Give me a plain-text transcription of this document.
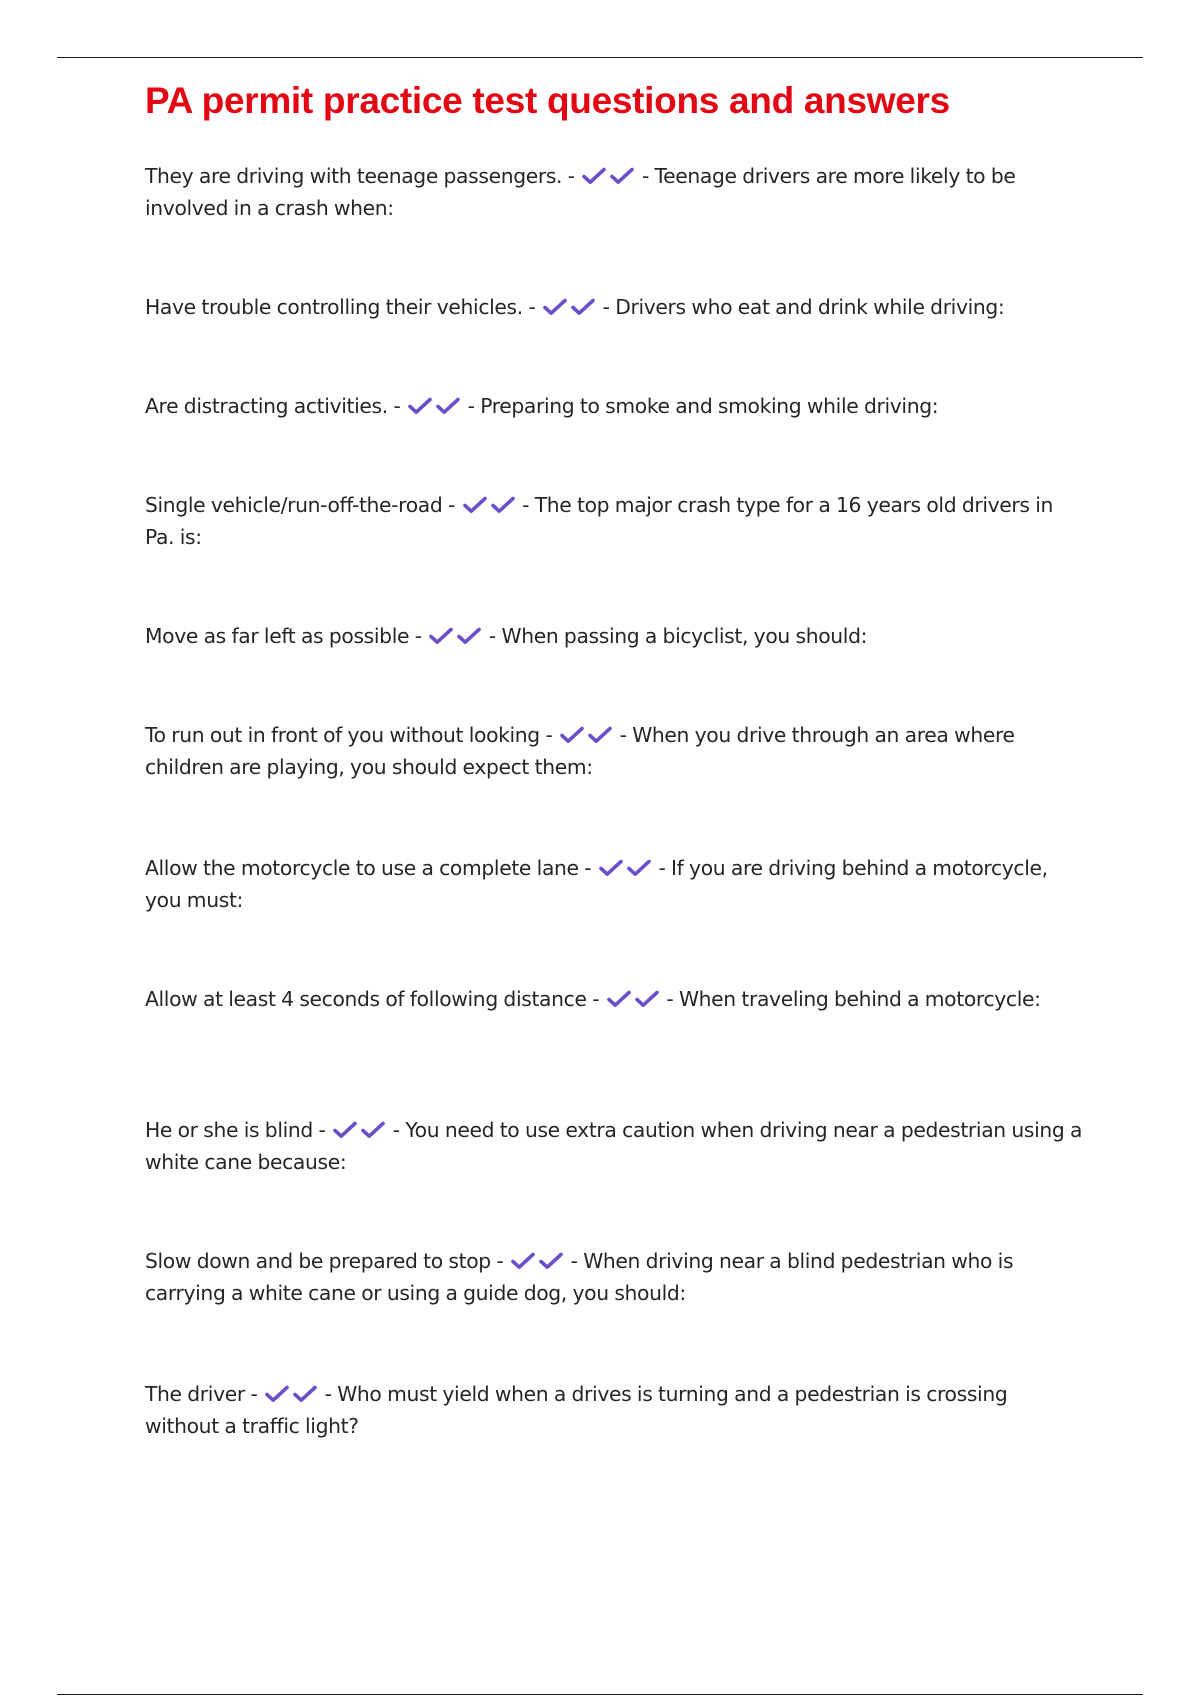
PA permit practice test questions and answers
They are driving with teenage passengers. -	- Teenage drivers are more likely to be involved in a crash when:
Have trouble controlling their vehicles. -	- Drivers who eat and drink while driving:
Are distracting activities. -	- Preparing to smoke and smoking while driving:
Single vehicle/run-off-the-road -	- The top major crash type for a 16 years old drivers in Pa. is:
Move as far left as possible -	- When passing a bicyclist, you should:
To run out in front of you without looking -	- When you drive through an area where children are playing, you should expect them:
Allow the motorcycle to use a complete lane -	- If you are driving behind a motorcycle, you must:
Allow at least 4 seconds of following distance -	- When traveling behind a motorcycle:
He or she is blind -	- You need to use extra caution when driving near a pedestrian using a white cane because:
Slow down and be prepared to stop -	- When driving near a blind pedestrian who is carrying a white cane or using a guide dog, you should:
The driver -	- Who must yield when a drives is turning and a pedestrian is crossing without a traffic light?
